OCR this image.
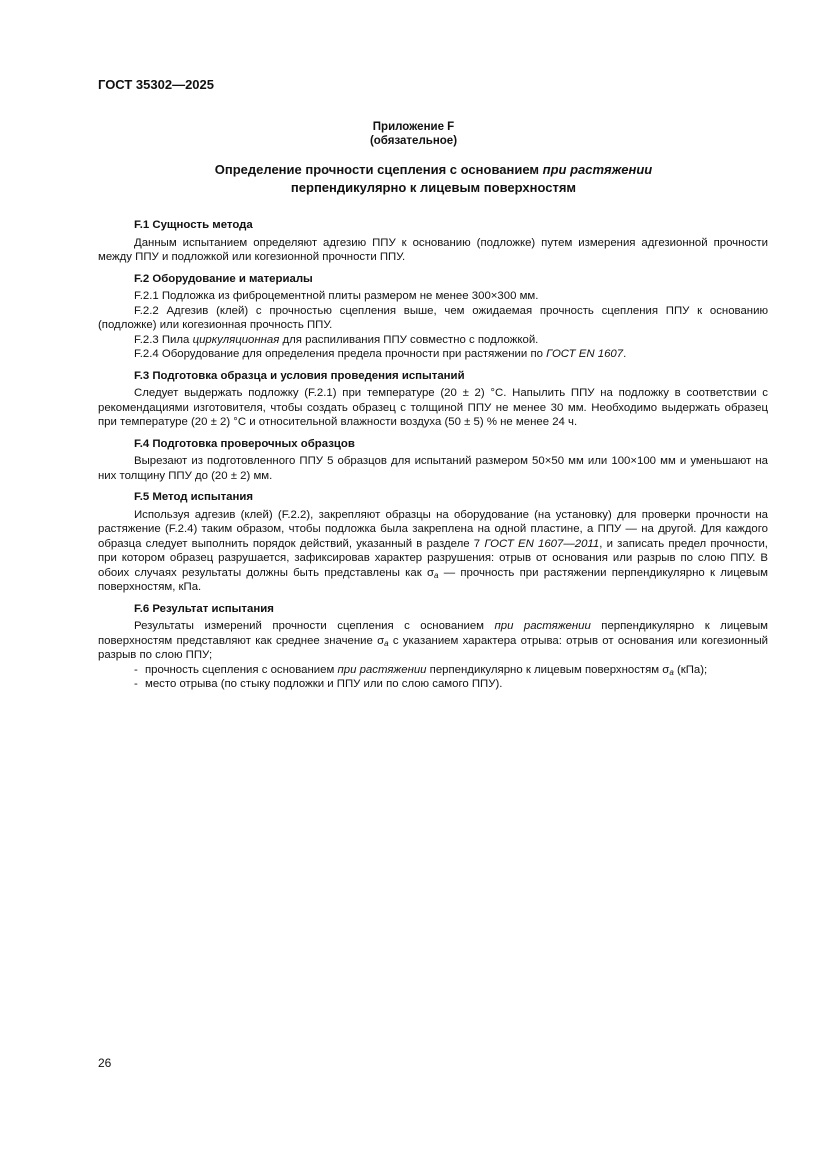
ГОСТ 35302—2025
Приложение F
(обязательное)
Определение прочности сцепления с основанием при растяжении
перпендикулярно к лицевым поверхностям
F.1 Сущность метода

Данным испытанием определяют адгезию ППУ к основанию (подложке) путем измерения адгезионной прочности между ППУ и подложкой или когезионной прочности ППУ.

F.2 Оборудование и материалы

F.2.1 Подложка из фиброцементной плиты размером не менее 300×300 мм.

F.2.2 Адгезив (клей) с прочностью сцепления выше, чем ожидаемая прочность сцепления ППУ к основанию (подложке) или когезионная прочность ППУ.

F.2.3 Пила циркуляционная для распиливания ППУ совместно с подложкой.

F.2.4 Оборудование для определения предела прочности при растяжении по ГОСТ EN 1607.

F.3 Подготовка образца и условия проведения испытаний

Следует выдержать подложку (F.2.1) при температуре (20 ± 2) °С. Напылить ППУ на подложку в соответствии с рекомендациями изготовителя, чтобы создать образец с толщиной ППУ не менее 30 мм. Необходимо выдержать образец при температуре (20 ± 2) °С и относительной влажности воздуха (50 ± 5) % не менее 24 ч.

F.4 Подготовка проверочных образцов

Вырезают из подготовленного ППУ 5 образцов для испытаний размером 50×50 мм или 100×100 мм и уменьшают на них толщину ППУ до (20 ± 2) мм.

F.5 Метод испытания

Используя адгезив (клей) (F.2.2), закрепляют образцы на оборудование (на установку) для проверки прочности на растяжение (F.2.4) таким образом, чтобы подложка была закреплена на одной пластине, а ППУ — на другой. Для каждого образца следует выполнить порядок действий, указанный в разделе 7 ГОСТ EN 1607—2011, и записать предел прочности, при котором образец разрушается, зафиксировав характер разрушения: отрыв от основания или разрыв по слою ППУ. В обоих случаях результаты должны быть представлены как $\sigma_a$ — прочность при растяжении перпендикулярно к лицевым поверхностям, кПа.

F.6 Результат испытания

Результаты измерений прочности сцепления с основанием при растяжении перпендикулярно к лицевым поверхностям представляют как среднее значение $\sigma_a$ с указанием характера отрыва: отрыв от основания или когезионный разрыв по слою ППУ;

- прочность сцепления с основанием при растяжении перпендикулярно к лицевым поверхностям $\sigma_a$ (кПа);

- место отрыва (по стыку подложки и ППУ или по слою самого ППУ).

26
